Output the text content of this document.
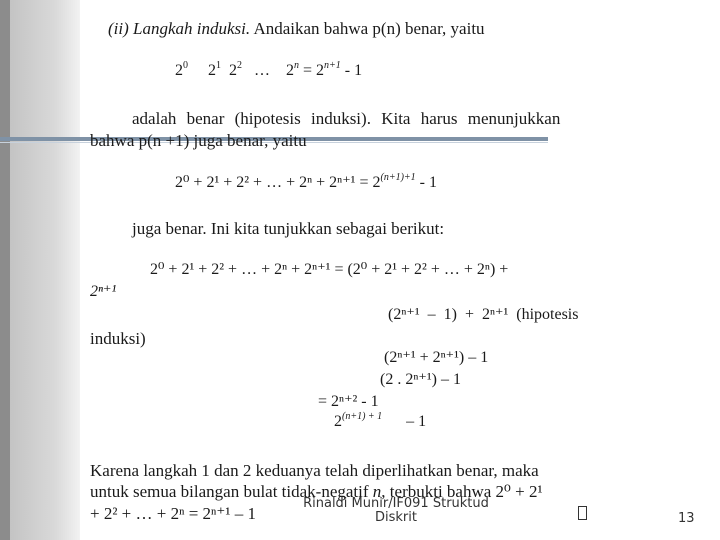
(ii) Langkah induksi. Andaikan bahwa p(n) benar, yaitu
$2^0$ $2^1$ $2^2$ … $2^n = 2^{n+1} - 1$
adalah benar (hipotesis induksi). Kita harus menunjukkan
bahwa p(n +1) juga benar, yaitu
2⁰ + 2¹ + 2² + … + $2^n + 2^{n+1} = 2^{(n+1)+1} - 1$
juga benar. Ini kita tunjukkan sebagai berikut:
2⁰ + 2¹ + 2² + … + 2ⁿ + 2ⁿ⁺¹ = (2⁰ + 2¹ + 2² + … + 2ⁿ) +
2ⁿ⁺¹
(2ⁿ⁺¹ – 1) + 2ⁿ⁺¹ (hipotesis
induksi)
(2ⁿ⁺¹ + 2ⁿ⁺¹) – 1
(2 . 2ⁿ⁺¹) – 1
= 2ⁿ⁺² - 1
$2^{(n+1) + 1} - 1$
Karena langkah 1 dan 2 keduanya telah diperlihatkan benar, maka
untuk semua bilangan bulat tidak-negatif n, terbukti bahwa 2⁰ + 2¹
+ 2² + … + 2ⁿ = 2ⁿ⁺¹ – 1
Rinaldi Munir/IF091 Struktud
Diskrit	13
